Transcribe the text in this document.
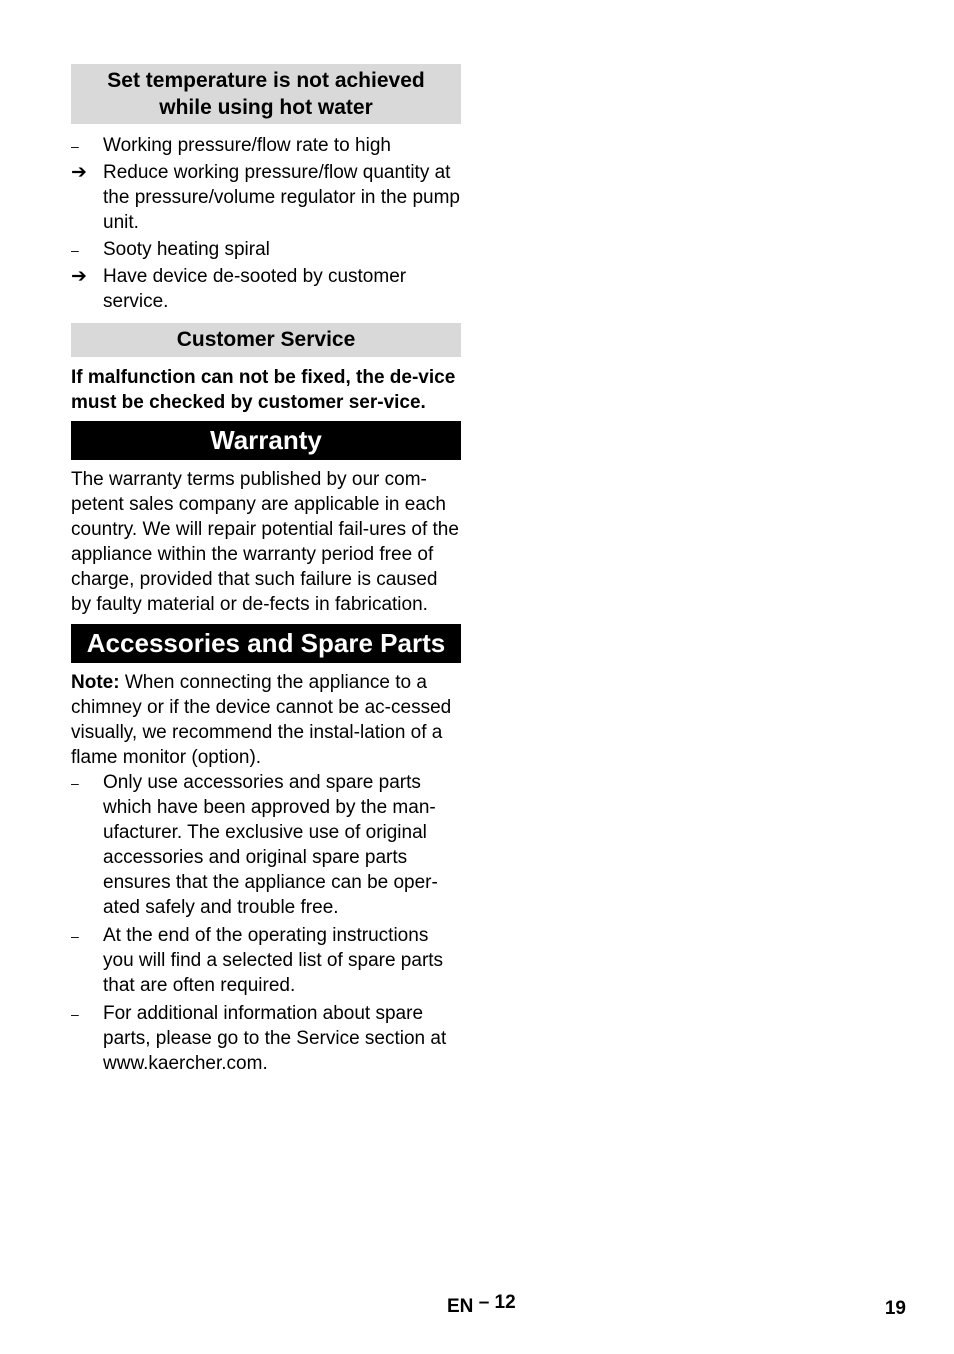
Set temperature is not achieved
while using hot water
–	Working pressure/flow rate to high
➔ Reduce working pressure/flow quantity at the pressure/volume regulator in the pump unit.
–	Sooty heating spiral
➔ Have device de-sooted by customer service.
Customer Service
If malfunction can not be fixed, the de-vice must be checked by customer ser-vice.
Warranty
The warranty terms published by our com-petent sales company are applicable in each country. We will repair potential fail-ures of the appliance within the warranty period free of charge, provided that such failure is caused by faulty material or de-fects in fabrication.
Accessories and Spare Parts
Note: When connecting the appliance to a chimney or if the device cannot be ac-cessed visually, we recommend the instal-lation of a flame monitor (option).
–	Only use accessories and spare parts which have been approved by the man-ufacturer. The exclusive use of original accessories and original spare parts ensures that the appliance can be oper-ated safely and trouble free.
–	At the end of the operating instructions you will find a selected list of spare parts that are often required.
–	For additional information about spare parts, please go to the Service section at www.kaercher.com.
EN – 12	19
